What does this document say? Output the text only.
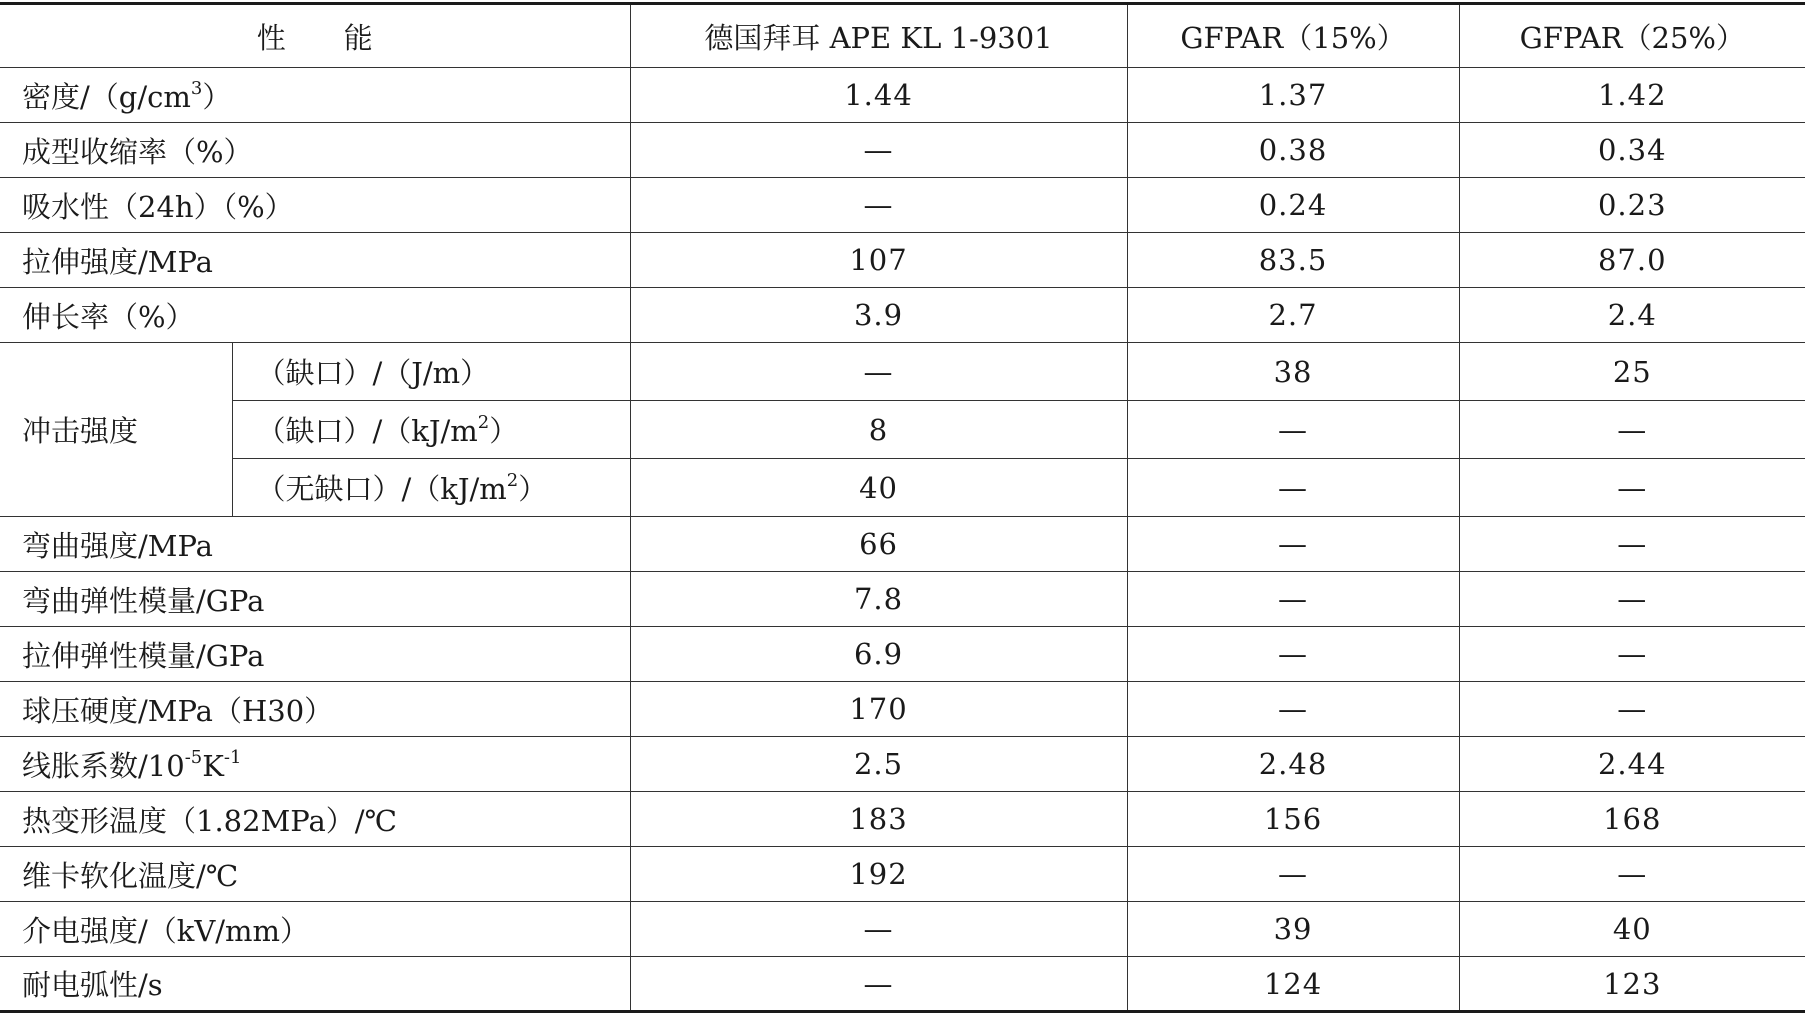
性能		德国拜耳 APE KL 1-9301	GFPAR（15%）	GFPAR（25%）
密度$/(g/cm^3)$		1.44	1.37	1.42
成型收缩率（%）		—	0.38	0.34
吸水性（24h）（%）		—	0.24	0.23
拉伸强度/MPa		107	83.5	87.0
伸长率（%）		3.9	2.7	2.4
冲击强度	（缺口）/（J/m）	—	38	25
	（缺口）$/(kJ/m^2)$	8	—	—
	（无缺口）$/(kJ/m^2)$	40	—	—
弯曲强度/MPa		66	—	—
弯曲弹性模量/GPa		7.8	—	—
拉伸弹性模量/GPa		6.9	—	—
球压硬度/MPa（H30）		170	—	—
线胀系数$/10^{-5}K^{-1}$		2.5	2.48	2.44
热变形温度（1.82MPa）/℃		183	156	168
维卡软化温度/℃		192	—	—
介电强度/（kV/mm）		—	39	40
耐电弧性/s		—	124	123
